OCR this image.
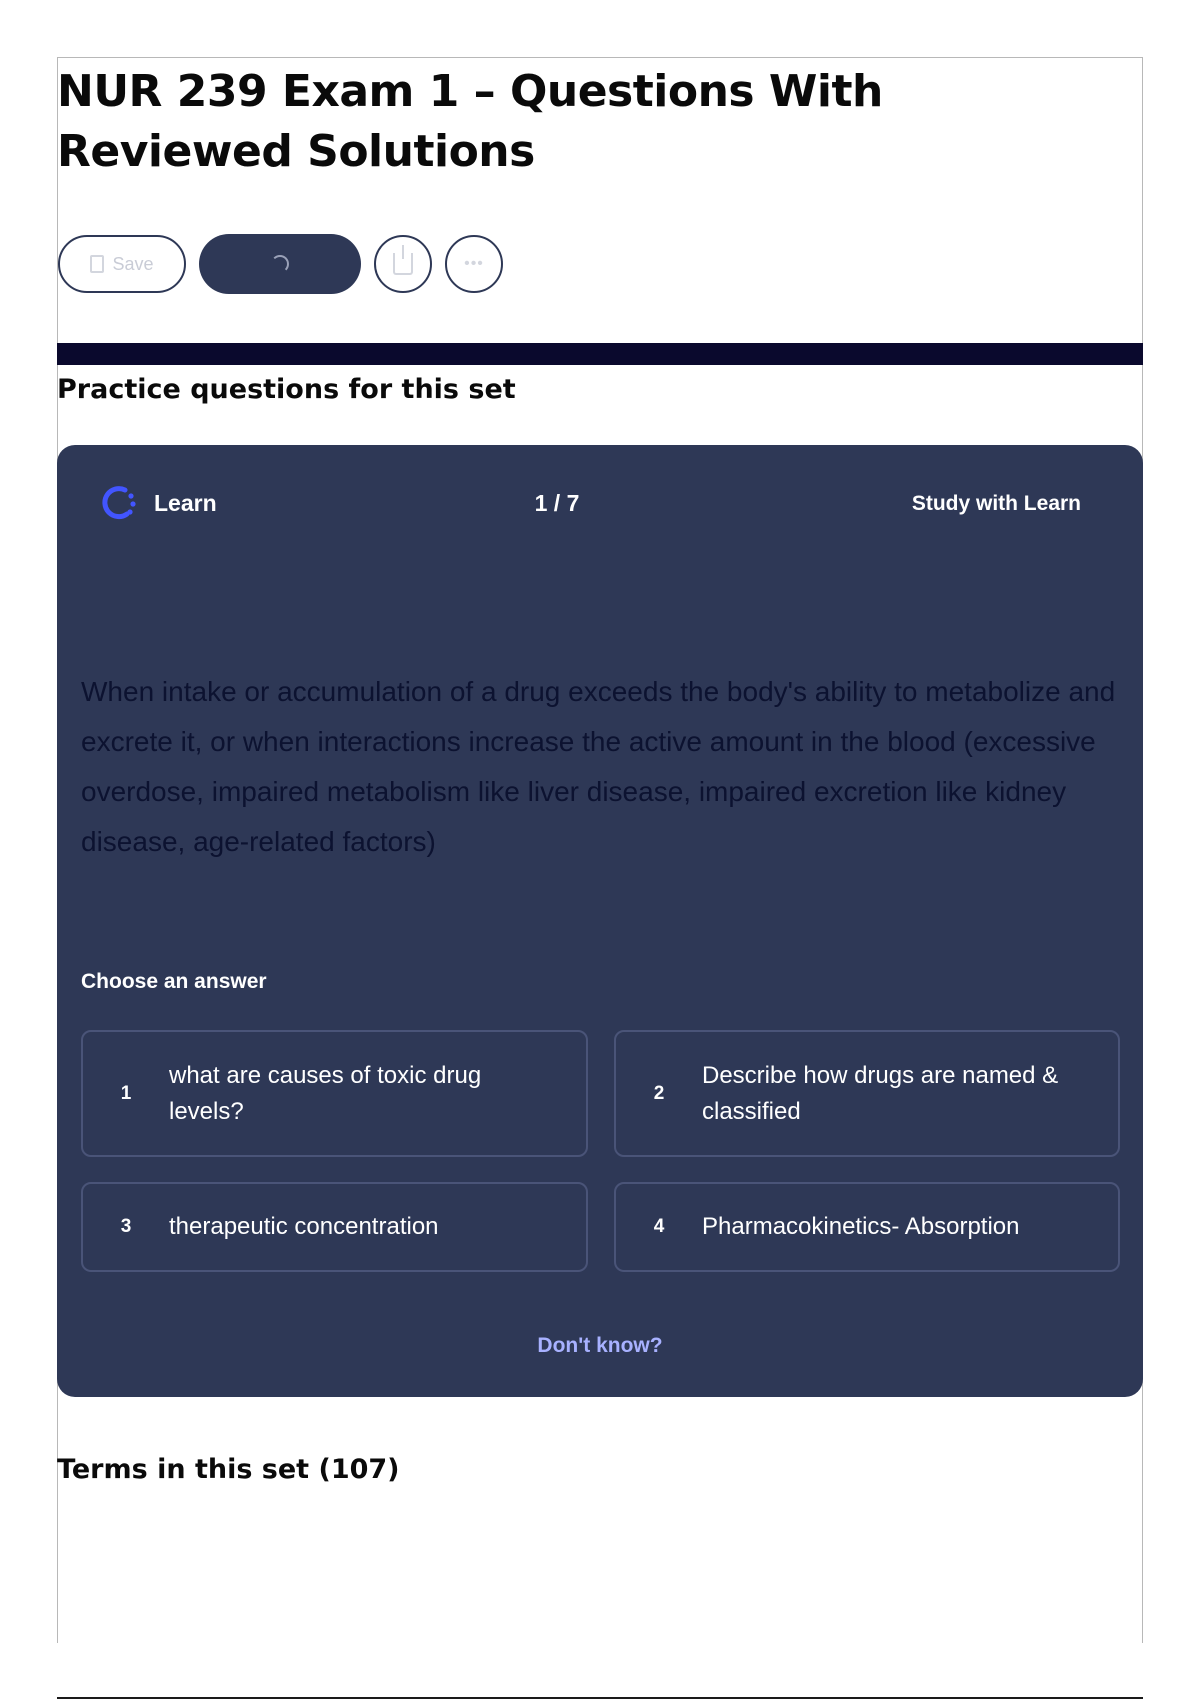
NUR 239 Exam 1 – Questions With Reviewed Solutions
Save	•••
Practice questions for this set
Learn	1 / 7	Study with Learn

When intake or accumulation of a drug exceeds the body's ability to metabolize and excrete it, or when interactions increase the active amount in the blood (excessive overdose, impaired metabolism like liver disease, impaired excretion like kidney disease, age-related factors)

Choose an answer
1
what are causes of toxic drug levels?
2
Describe how drugs are named & classified
3	therapeutic concentration	4	Pharmacokinetics- Absorption
Don't know?
Terms in this set (107)
